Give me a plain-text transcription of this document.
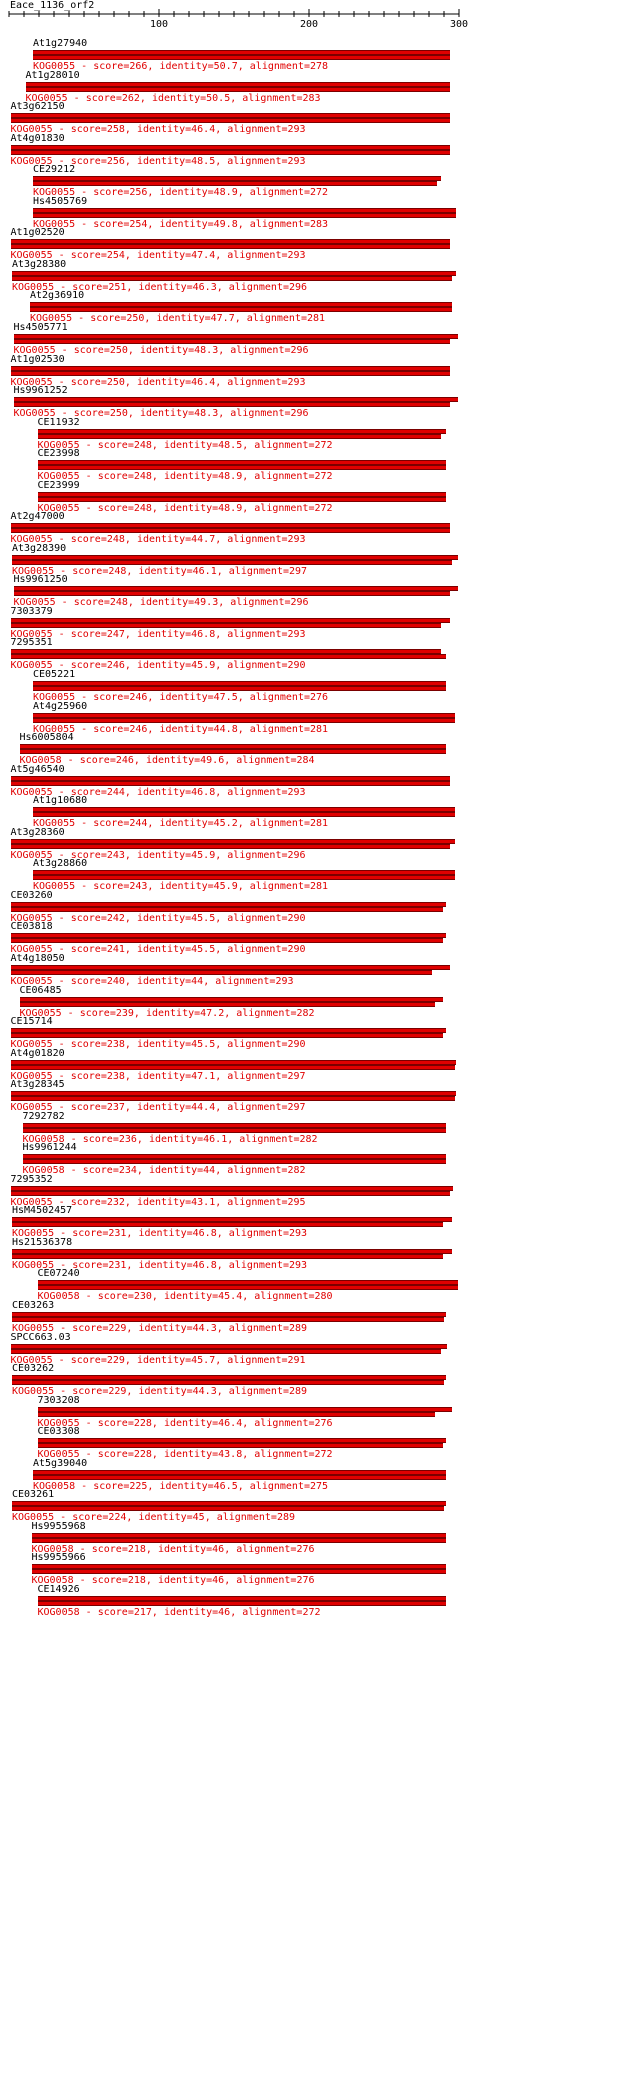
Eace_1136_orf2
100	200	300
At1g27940
KOG0055 - score=266, identity=50.7, alignment=278
At1g28010
KOG0055 - score=262, identity=50.5, alignment=283
At3g62150
KOG0055 - score=258, identity=46.4, alignment=293
At4g01830
KOG0055 - score=256, identity=48.5, alignment=293
CE29212
KOG0055 - score=256, identity=48.9, alignment=272
Hs4505769
KOG0055 - score=254, identity=49.8, alignment=283
At1g02520
KOG0055 - score=254, identity=47.4, alignment=293
At3g28380
KOG0055 - score=251, identity=46.3, alignment=296
At2g36910
KOG0055 - score=250, identity=47.7, alignment=281
Hs4505771
KOG0055 - score=250, identity=48.3, alignment=296
At1g02530
KOG0055 - score=250, identity=46.4, alignment=293
Hs9961252
KOG0055 - score=250, identity=48.3, alignment=296
CE11932
KOG0055 - score=248, identity=48.5, alignment=272
CE23998
KOG0055 - score=248, identity=48.9, alignment=272
CE23999
KOG0055 - score=248, identity=48.9, alignment=272
At2g47000
KOG0055 - score=248, identity=44.7, alignment=293
At3g28390
KOG0055 - score=248, identity=46.1, alignment=297
Hs9961250
KOG0055 - score=248, identity=49.3, alignment=296
7303379
KOG0055 - score=247, identity=46.8, alignment=293
7295351
KOG0055 - score=246, identity=45.9, alignment=290
CE05221
KOG0055 - score=246, identity=47.5, alignment=276
At4g25960
KOG0055 - score=246, identity=44.8, alignment=281
Hs6005804
KOG0058 - score=246, identity=49.6, alignment=284
At5g46540
KOG0055 - score=244, identity=46.8, alignment=293
At1g10680
KOG0055 - score=244, identity=45.2, alignment=281
At3g28360
KOG0055 - score=243, identity=45.9, alignment=296
At3g28860
KOG0055 - score=243, identity=45.9, alignment=281
CE03260
KOG0055 - score=242, identity=45.5, alignment=290
CE03818
KOG0055 - score=241, identity=45.5, alignment=290
At4g18050
KOG0055 - score=240, identity=44, alignment=293
CE06485
KOG0055 - score=239, identity=47.2, alignment=282
CE15714
KOG0055 - score=238, identity=45.5, alignment=290
At4g01820
KOG0055 - score=238, identity=47.1, alignment=297
At3g28345
KOG0055 - score=237, identity=44.4, alignment=297
7292782
KOG0058 - score=236, identity=46.1, alignment=282
Hs9961244
KOG0058 - score=234, identity=44, alignment=282
7295352
KOG0055 - score=232, identity=43.1, alignment=295
HsM4502457
KOG0055 - score=231, identity=46.8, alignment=293
Hs21536378
KOG0055 - score=231, identity=46.8, alignment=293
CE07240
KOG0058 - score=230, identity=45.4, alignment=280
CE03263
KOG0055 - score=229, identity=44.3, alignment=289
SPCC663.03
KOG0055 - score=229, identity=45.7, alignment=291
CE03262
KOG0055 - score=229, identity=44.3, alignment=289
7303208
KOG0055 - score=228, identity=46.4, alignment=276
CE03308
KOG0055 - score=228, identity=43.8, alignment=272
At5g39040
KOG0058 - score=225, identity=46.5, alignment=275
CE03261
KOG0055 - score=224, identity=45, alignment=289
Hs9955968
KOG0058 - score=218, identity=46, alignment=276
Hs9955966
KOG0058 - score=218, identity=46, alignment=276
CE14926
KOG0058 - score=217, identity=46, alignment=272
